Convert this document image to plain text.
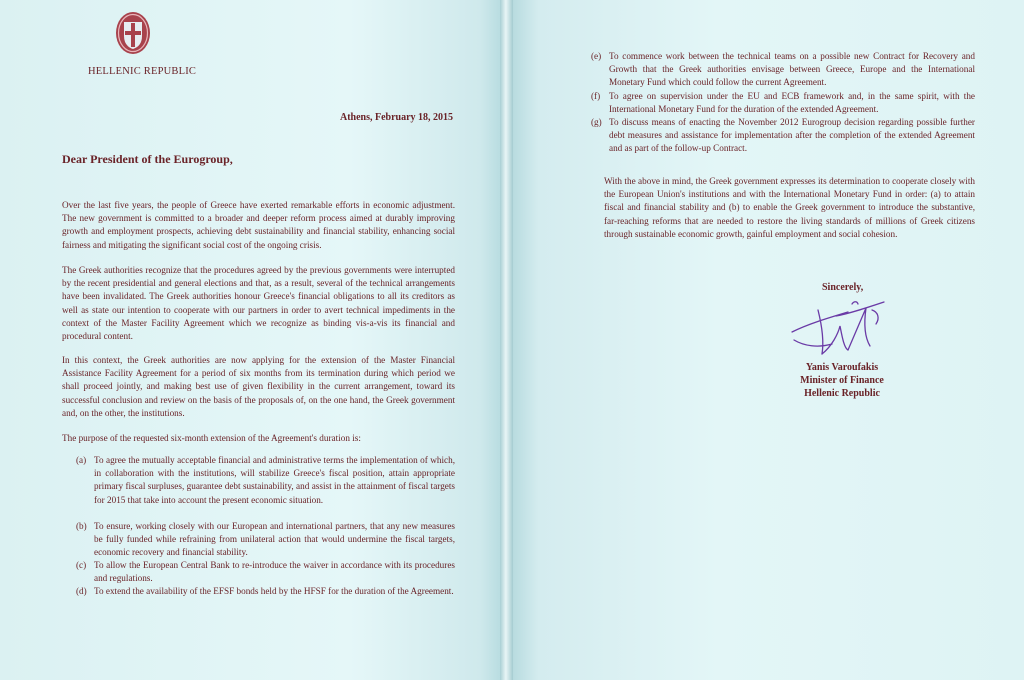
HELLENIC REPUBLIC
Athens, February 18, 2015
Dear President of the Eurogroup,

Over the last five years, the people of Greece have exerted remarkable efforts in economic adjustment. The new government is committed to a broader and deeper reform process aimed at durably improving growth and employment prospects, achieving debt sustainability and financial stability, enhancing social fairness and mitigating the significant social cost of the ongoing crisis.

The Greek authorities recognize that the procedures agreed by the previous governments were interrupted by the recent presidential and general elections and that, as a result, several of the technical arrangements have been invalidated. The Greek authorities honour Greece's financial obligations to all its creditors as well as state our intention to cooperate with our partners in order to avert technical impediments in the context of the Master Facility Agreement which we recognize as binding vis-a-vis its financial and procedural content.

In this context, the Greek authorities are now applying for the extension of the Master Financial Assistance Facility Agreement for a period of six months from its termination during which period we shall proceed jointly, and making best use of given flexibility in the current arrangement, toward its successful conclusion and review on the basis of the proposals of, on the one hand, the Greek government and, on the other, the institutions.

The purpose of the requested six-month extension of the Agreement's duration is:

(a) To agree the mutually acceptable financial and administrative terms the implementation of which, in collaboration with the institutions, will stabilize Greece's fiscal position, attain appropriate primary fiscal surpluses, guarantee debt sustainability, and assist in the attainment of fiscal targets for 2015 that take into account the present economic situation.
(b) To ensure, working closely with our European and international partners, that any new measures be fully funded while refraining from unilateral action that would undermine the fiscal targets, economic recovery and financial stability.
(c) To allow the European Central Bank to re-introduce the waiver in accordance with its procedures and regulations.
(d) To extend the availability of the EFSF bonds held by the HFSF for the duration of the Agreement.
(e) To commence work between the technical teams on a possible new Contract for Recovery and Growth that the Greek authorities envisage between Greece, Europe and the International Monetary Fund which could follow the current Agreement.
(f) To agree on supervision under the EU and ECB framework and, in the same spirit, with the International Monetary Fund for the duration of the extended Agreement.
(g) To discuss means of enacting the November 2012 Eurogroup decision regarding possible further debt measures and assistance for implementation after the completion of the extended Agreement and as part of the follow-up Contract.

With the above in mind, the Greek government expresses its determination to cooperate closely with the European Union's institutions and with the International Monetary Fund in order: (a) to attain fiscal and financial stability and (b) to enable the Greek government to introduce the substantive, far-reaching reforms that are needed to restore the living standards of millions of Greek citizens through sustainable economic growth, gainful employment and social cohesion.

Sincerely,
Yanis Varoufakis
Minister of Finance
Hellenic Republic
